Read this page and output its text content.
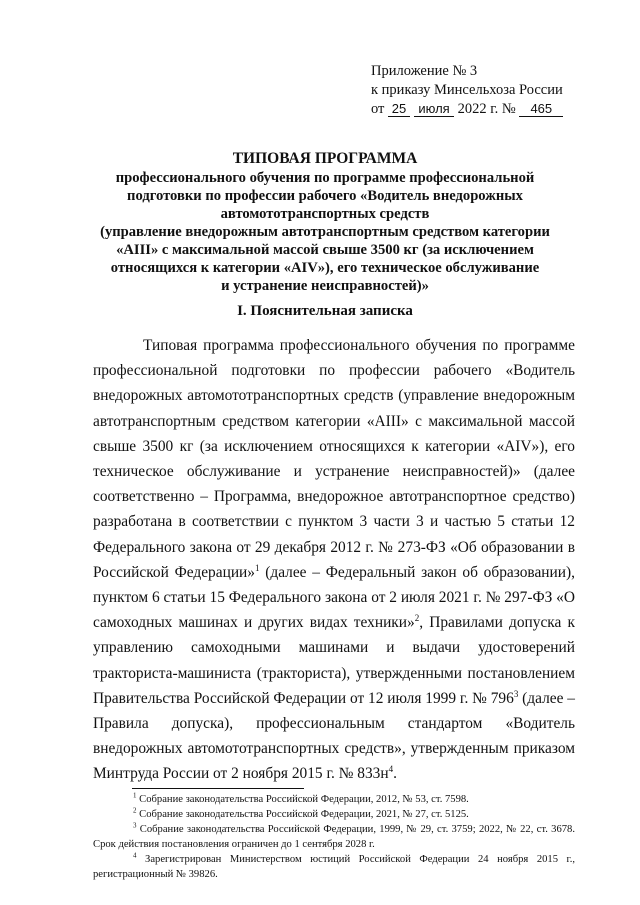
Приложение № 3
к приказу Минсельхоза России
от 25 июля 2022 г. № 465
ТИПОВАЯ ПРОГРАММА
профессионального обучения по программе профессиональной
подготовки по профессии рабочего «Водитель внедорожных
автомототранспортных средств
(управление внедорожным автотранспортным средством категории
«AIII» с максимальной массой свыше 3500 кг (за исключением
относящихся к категории «AIV»), его техническое обслуживание
и устранение неисправностей)»
I. Пояснительная записка

Типовая программа профессионального обучения по программе профессиональной подготовки по профессии рабочего «Водитель внедорожных автомототранспортных средств (управление внедорожным автотранспортным средством категории «AIII» с максимальной массой свыше 3500 кг (за исключением относящихся к категории «AIV»), его техническое обслуживание и устранение неисправностей)» (далее соответственно – Программа, внедорожное автотранспортное средство) разработана в соответствии с пунктом 3 части 3 и частью 5 статьи 12 Федерального закона от 29 декабря 2012 г. № 273-ФЗ «Об образовании в Российской Федерации»$^1$ (далее – Федеральный закон об образовании), пунктом 6 статьи 15 Федерального закона от 2 июля 2021 г. № 297-ФЗ «О самоходных машинах и других видах техники»$^2$, Правилами допуска к управлению самоходными машинами и выдачи удостоверений тракториста-машиниста (тракториста), утвержденными постановлением Правительства Российской Федерации от 12 июля 1999 г. № $796^3$ (далее – Правила допуска), профессиональным стандартом «Водитель внедорожных автомототранспортных средств», утвержденным приказом Минтруда России от 2 ноября 2015 г. № $833н^4$.

$^1$ Собрание законодательства Российской Федерации, 2012, № 53, ст. 7598.

$^2$ Собрание законодательства Российской Федерации, 2021, № 27, ст. 5125.

$^3$ Собрание законодательства Российской Федерации, 1999, № 29, ст. 3759; 2022, № 22, ст. 3678. Срок действия постановления ограничен до 1 сентября 2028 г.

$^4$ Зарегистрирован Министерством юстиций Российской Федерации 24 ноября 2015 г., регистрационный № 39826.
